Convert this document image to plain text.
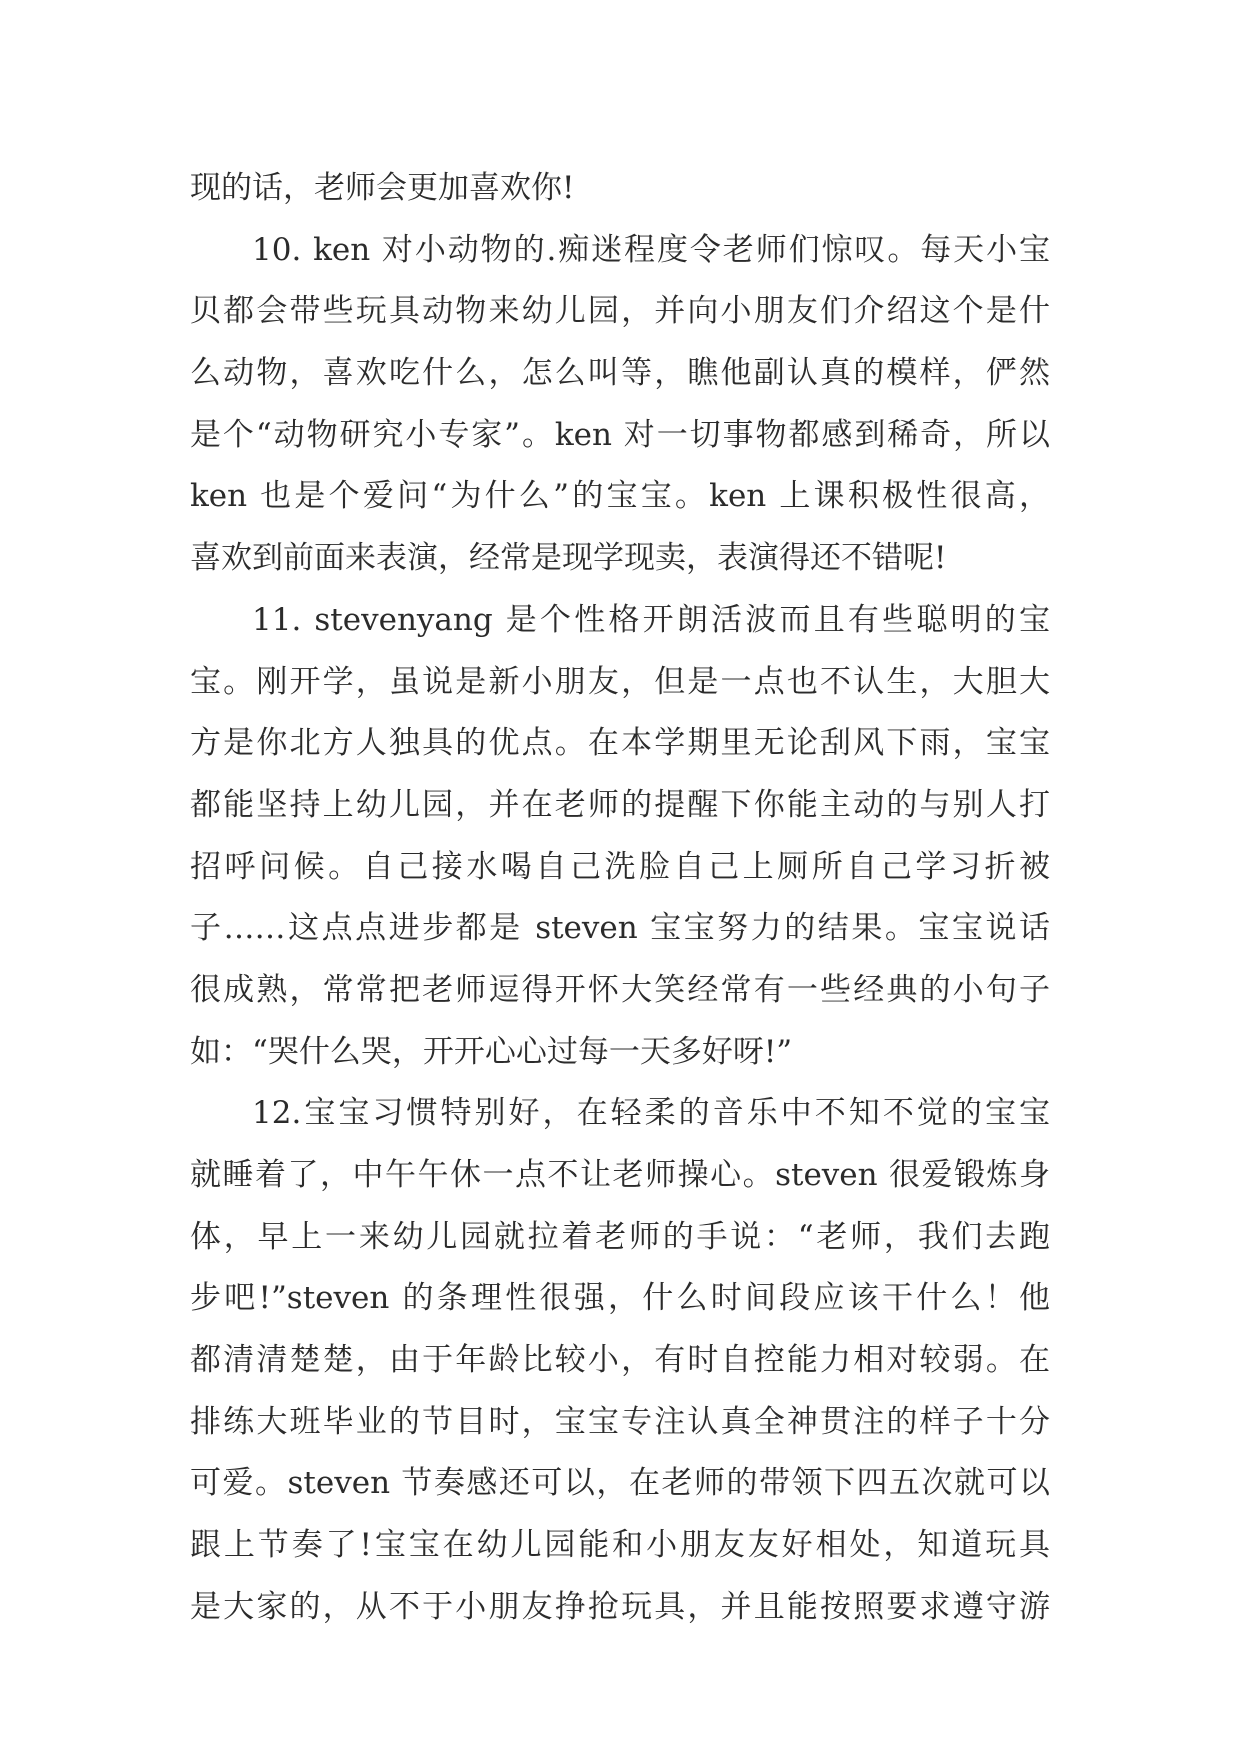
现的话，老师会更加喜欢你!
10. ken 对小动物的.痴迷程度令老师们惊叹。每天小宝
贝都会带些玩具动物来幼儿园，并向小朋友们介绍这个是什
么动物，喜欢吃什么，怎么叫等，瞧他副认真的模样，俨然
是个“动物研究小专家”。ken 对一切事物都感到稀奇，所以
ken 也是个爱问“为什么”的宝宝。ken 上课积极性很高，
喜欢到前面来表演，经常是现学现卖，表演得还不错呢!
11. stevenyang 是个性格开朗活波而且有些聪明的宝
宝。刚开学，虽说是新小朋友，但是一点也不认生，大胆大
方是你北方人独具的优点。在本学期里无论刮风下雨，宝宝
都能坚持上幼儿园，并在老师的提醒下你能主动的与别人打
招呼问候。自己接水喝自己洗脸自己上厕所自己学习折被
子……这点点进步都是 steven 宝宝努力的结果。宝宝说话
很成熟，常常把老师逗得开怀大笑经常有一些经典的小句子
如：“哭什么哭，开开心心过每一天多好呀!”
12.宝宝习惯特别好，在轻柔的音乐中不知不觉的宝宝
就睡着了，中午午休一点不让老师操心。steven 很爱锻炼身
体，早上一来幼儿园就拉着老师的手说：“老师，我们去跑
步吧!”steven 的条理性很强，什么时间段应该干什么！他
都清清楚楚，由于年龄比较小，有时自控能力相对较弱。在
排练大班毕业的节目时，宝宝专注认真全神贯注的样子十分
可爱。steven 节奏感还可以，在老师的带领下四五次就可以
跟上节奏了!宝宝在幼儿园能和小朋友友好相处，知道玩具
是大家的，从不于小朋友挣抢玩具，并且能按照要求遵守游
